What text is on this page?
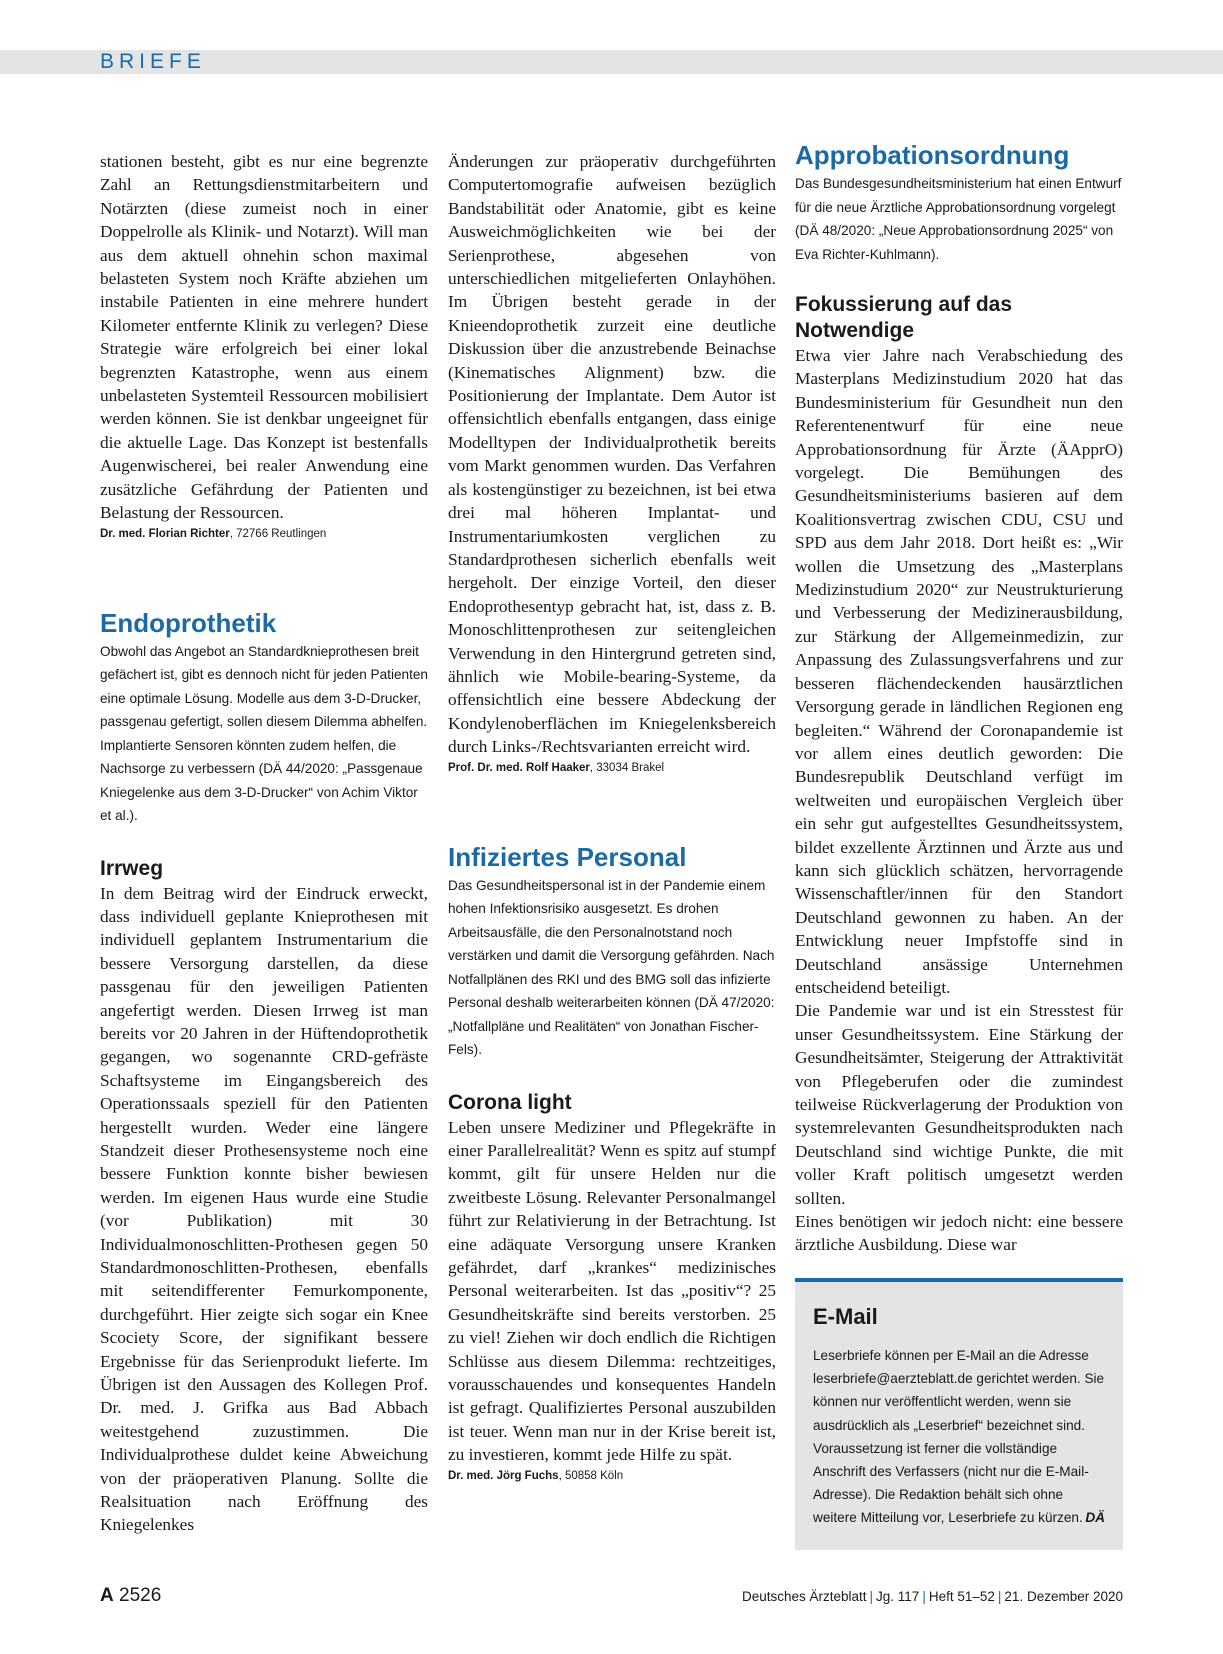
BRIEFE

stationen besteht, gibt es nur eine begrenzte Zahl an Rettungsdienstmitarbeitern und Notärzten (diese zumeist noch in einer Doppelrolle als Klinik- und Notarzt). Will man aus dem aktuell ohnehin schon maximal belasteten System noch Kräfte abziehen um instabile Patienten in eine mehrere hundert Kilometer entfernte Klinik zu verlegen? Diese Strategie wäre erfolgreich bei einer lokal begrenzten Katastrophe, wenn aus einem unbelasteten Systemteil Ressourcen mobilisiert werden können. Sie ist denkbar ungeeignet für die aktuelle Lage. Das Konzept ist bestenfalls Augenwischerei, bei realer Anwendung eine zusätzliche Gefährdung der Patienten und Belastung der Ressourcen.

Dr. med. Florian Richter, 72766 Reutlingen
Endoprothetik

Obwohl das Angebot an Standardknieprothesen breit gefächert ist, gibt es dennoch nicht für jeden Patienten eine optimale Lösung. Modelle aus dem 3-D-Drucker, passgenau gefertigt, sollen diesem Dilemma abhelfen. Implantierte Sensoren könnten zudem helfen, die Nachsorge zu verbessern (DÄ 44/2020: „Passgenaue Kniegelenke aus dem 3-D-Drucker“ von Achim Viktor et al.).

Irrweg

In dem Beitrag wird der Eindruck erweckt, dass individuell geplante Knieprothesen mit individuell geplantem Instrumentarium die bessere Versorgung darstellen, da diese passgenau für den jeweiligen Patienten angefertigt werden. Diesen Irrweg ist man bereits vor 20 Jahren in der Hüftendoprothetik gegangen, wo sogenannte CRD-gefräste Schaftsysteme im Eingangsbereich des Operationssaals speziell für den Patienten hergestellt wurden. Weder eine längere Standzeit dieser Prothesensysteme noch eine bessere Funktion konnte bisher bewiesen werden. Im eigenen Haus wurde eine Studie (vor Publikation) mit 30 Individualmonoschlitten-Prothesen gegen 50 Standardmonoschlitten-Prothesen, ebenfalls mit seitendifferenter Femurkomponente, durchgeführt. Hier zeigte sich sogar ein Knee Scociety Score, der signifikant bessere Ergebnisse für das Serienprodukt lieferte. Im Übrigen ist den Aussagen des Kollegen Prof. Dr. med. J. Grifka aus Bad Abbach weitestgehend zuzustimmen. Die Individualprothese duldet keine Abweichung von der präoperativen Planung. Sollte die Realsituation nach Eröffnung des Kniegelenkes

Änderungen zur präoperativ durchgeführten Computertomografie aufweisen bezüglich Bandstabilität oder Anatomie, gibt es keine Ausweichmöglichkeiten wie bei der Serienprothese, abgesehen von unterschiedlichen mitgelieferten Onlayhöhen. Im Übrigen besteht gerade in der Knieendoprothetik zurzeit eine deutliche Diskussion über die anzustrebende Beinachse (Kinematisches Alignment) bzw. die Positionierung der Implantate. Dem Autor ist offensichtlich ebenfalls entgangen, dass einige Modelltypen der Individualprothetik bereits vom Markt genommen wurden. Das Verfahren als kostengünstiger zu bezeichnen, ist bei etwa drei mal höheren Implantat- und Instrumentariumkosten verglichen zu Standardprothesen sicherlich ebenfalls weit hergeholt. Der einzige Vorteil, den dieser Endoprothesentyp gebracht hat, ist, dass z. B. Monoschlittenprothesen zur seitengleichen Verwendung in den Hintergrund getreten sind, ähnlich wie Mobile-bearing-Systeme, da offensichtlich eine bessere Abdeckung der Kondylenoberflächen im Kniegelenksbereich durch Links-/Rechtsvarianten erreicht wird.

Prof. Dr. med. Rolf Haaker, 33034 Brakel
Infiziertes Personal

Das Gesundheitspersonal ist in der Pandemie einem hohen Infektionsrisiko ausgesetzt. Es drohen Arbeitsausfälle, die den Personalnotstand noch verstärken und damit die Versorgung gefährden. Nach Notfallplänen des RKI und des BMG soll das infizierte Personal deshalb weiterarbeiten können (DÄ 47/2020: „Notfallpläne und Realitäten“ von Jonathan Fischer-Fels).

Corona light

Leben unsere Mediziner und Pflegekräfte in einer Parallelrealität? Wenn es spitz auf stumpf kommt, gilt für unsere Helden nur die zweitbeste Lösung. Relevanter Personalmangel führt zur Relativierung in der Betrachtung. Ist eine adäquate Versorgung unsere Kranken gefährdet, darf „krankes“ medizinisches Personal weiterarbeiten. Ist das „positiv“? 25 Gesundheitskräfte sind bereits verstorben. 25 zu viel! Ziehen wir doch endlich die Richtigen Schlüsse aus diesem Dilemma: rechtzeitiges, vorausschauendes und konsequentes Handeln ist gefragt. Qualifiziertes Personal auszubilden ist teuer. Wenn man nur in der Krise bereit ist, zu investieren, kommt jede Hilfe zu spät.

Dr. med. Jörg Fuchs, 50858 Köln
Approbationsordnung

Das Bundesgesundheitsministerium hat einen Entwurf für die neue Ärztliche Approbationsordnung vorgelegt (DÄ 48/2020: „Neue Approbationsordnung 2025“ von Eva Richter-Kuhlmann).

Fokussierung auf das Notwendige

Etwa vier Jahre nach Verabschiedung des Masterplans Medizinstudium 2020 hat das Bundesministerium für Gesundheit nun den Referentenentwurf für eine neue Approbationsordnung für Ärzte (ÄApprO) vorgelegt. Die Bemühungen des Gesundheitsministeriums basieren auf dem Koalitionsvertrag zwischen CDU, CSU und SPD aus dem Jahr 2018. Dort heißt es: „Wir wollen die Umsetzung des „Masterplans Medizinstudium 2020“ zur Neustrukturierung und Verbesserung der Medizinerausbildung, zur Stärkung der Allgemeinmedizin, zur Anpassung des Zulassungsverfahrens und zur besseren flächendeckenden hausärztlichen Versorgung gerade in ländlichen Regionen eng begleiten.“ Während der Coronapandemie ist vor allem eines deutlich geworden: Die Bundesrepublik Deutschland verfügt im weltweiten und europäischen Vergleich über ein sehr gut aufgestelltes Gesundheitssystem, bildet exzellente Ärztinnen und Ärzte aus und kann sich glücklich schätzen, hervorragende Wissenschaftler/innen für den Standort Deutschland gewonnen zu haben. An der Entwicklung neuer Impfstoffe sind in Deutschland ansässige Unternehmen entscheidend beteiligt.

Die Pandemie war und ist ein Stresstest für unser Gesundheitssystem. Eine Stärkung der Gesundheitsämter, Steigerung der Attraktivität von Pflegeberufen oder die zumindest teilweise Rückverlagerung der Produktion von systemrelevanten Gesundheitsprodukten nach Deutschland sind wichtige Punkte, die mit voller Kraft politisch umgesetzt werden sollten.

Eines benötigen wir jedoch nicht: eine bessere ärztliche Ausbildung. Diese war

E-Mail

Leserbriefe können per E-Mail an die Adresse leserbriefe@aerzteblatt.de gerichtet werden. Sie können nur veröffentlicht werden, wenn sie ausdrücklich als „Leserbrief“ bezeichnet sind. Voraussetzung ist ferner die vollständige Anschrift des Verfassers (nicht nur die E-Mail-Adresse). Die Redaktion behält sich ohne weitere Mitteilung vor, Leserbriefe zu kürzen. DÄ

A 2526	Deutsches Ärzteblatt | Jg. 117 | Heft 51–52 | 21. Dezember 2020
